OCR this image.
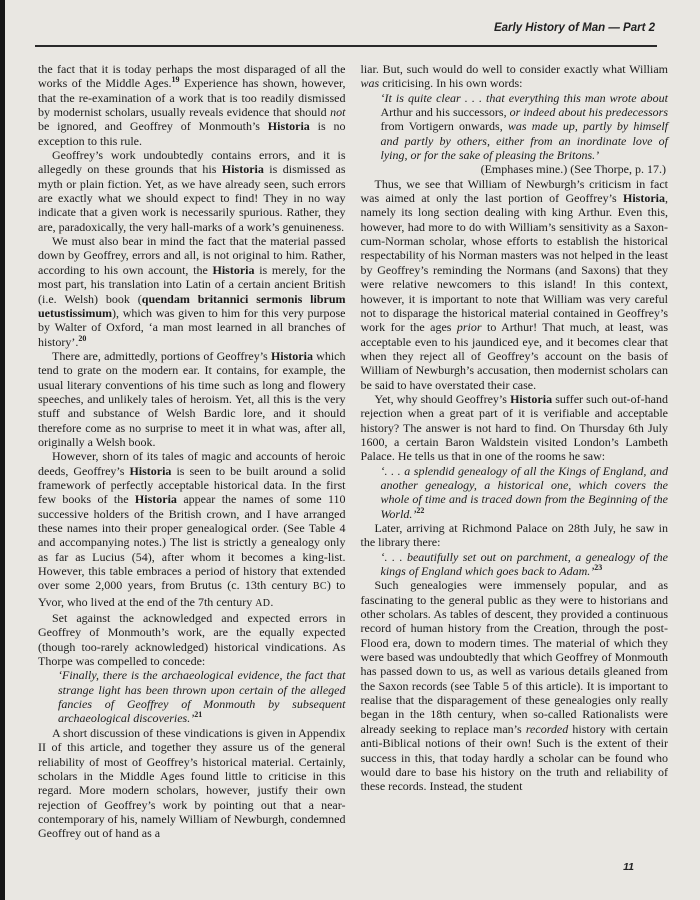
Early History of Man — Part 2

the fact that it is today perhaps the most disparaged of all the works of the Middle Ages.$^{19}$ Experience has shown, however, that the re-examination of a work that is too readily dismissed by modernist scholars, usually reveals evidence that should not be ignored, and Geoffrey of Monmouth’s Historia is no exception to this rule.

Geoffrey’s work undoubtedly contains errors, and it is allegedly on these grounds that his Historia is dismissed as myth or plain fiction. Yet, as we have already seen, such errors are exactly what we should expect to find! They in no way indicate that a given work is necessarily spurious. Rather, they are, paradoxically, the very hall-marks of a work’s genuineness.

We must also bear in mind the fact that the material passed down by Geoffrey, errors and all, is not original to him. Rather, according to his own account, the Historia is merely, for the most part, his translation into Latin of a certain ancient British (i.e. Welsh) book (quendam britannici sermonis librum uetustissimum), which was given to him for this very purpose by Walter of Oxford, ‘a man most learned in all branches of history’.$^{20}$

There are, admittedly, portions of Geoffrey’s Historia which tend to grate on the modern ear. It contains, for example, the usual literary conventions of his time such as long and flowery speeches, and unlikely tales of heroism. Yet, all this is the very stuff and substance of Welsh Bardic lore, and it should therefore come as no surprise to meet it in what was, after all, originally a Welsh book.

However, shorn of its tales of magic and accounts of heroic deeds, Geoffrey’s Historia is seen to be built around a solid framework of perfectly acceptable historical data. In the first few books of the Historia appear the names of some 110 successive holders of the British crown, and I have arranged these names into their proper genealogical order. (See Table 4 and accompanying notes.) The list is strictly a genealogy only as far as Lucius (54), after whom it becomes a king-list. However, this table embraces a period of history that extended over some 2,000 years, from Brutus (c. 13th century BC) to Yvor, who lived at the end of the 7th century AD.

Set against the acknowledged and expected errors in Geoffrey of Monmouth’s work, are the equally expected (though too-rarely acknowledged) historical vindications. As Thorpe was compelled to concede:

‘Finally, there is the archaeological evidence, the fact that strange light has been thrown upon certain of the alleged fancies of Geoffrey of Monmouth by subsequent archaeological discoveries.’$^{21}$

A short discussion of these vindications is given in Appendix II of this article, and together they assure us of the general reliability of most of Geoffrey’s historical material. Certainly, scholars in the Middle Ages found little to criticise in this regard. More modern scholars, however, justify their own rejection of Geoffrey’s work by pointing out that a near-contemporary of his, namely William of Newburgh, condemned Geoffrey out of hand as a

liar. But, such would do well to consider exactly what William was criticising. In his own words:

‘It is quite clear . . . that everything this man wrote about Arthur and his successors, or indeed about his predecessors from Vortigern onwards, was made up, partly by himself and partly by others, either from an inordinate love of lying, or for the sake of pleasing the Britons.’

(Emphases mine.) (See Thorpe, p. 17.)

Thus, we see that William of Newburgh’s criticism in fact was aimed at only the last portion of Geoffrey’s Historia, namely its long section dealing with king Arthur. Even this, however, had more to do with William’s sensitivity as a Saxon-cum-Norman scholar, whose efforts to establish the historical respectability of his Norman masters was not helped in the least by Geoffrey’s reminding the Normans (and Saxons) that they were relative newcomers to this island! In this context, however, it is important to note that William was very careful not to disparage the historical material contained in Geoffrey’s work for the ages prior to Arthur! That much, at least, was acceptable even to his jaundiced eye, and it becomes clear that when they reject all of Geoffrey’s account on the basis of William of Newburgh’s accusation, then modernist scholars can be said to have overstated their case.

Yet, why should Geoffrey’s Historia suffer such out-of-hand rejection when a great part of it is verifiable and acceptable history? The answer is not hard to find. On Thursday 6th July 1600, a certain Baron Waldstein visited London’s Lambeth Palace. He tells us that in one of the rooms he saw:

‘. . . a splendid genealogy of all the Kings of England, and another genealogy, a historical one, which covers the whole of time and is traced down from the Beginning of the World.’$^{22}$

Later, arriving at Richmond Palace on 28th July, he saw in the library there:

‘. . . beautifully set out on parchment, a genealogy of the kings of England which goes back to Adam.’$^{23}$

Such genealogies were immensely popular, and as fascinating to the general public as they were to historians and other scholars. As tables of descent, they provided a continuous record of human history from the Creation, through the post-Flood era, down to modern times. The material of which they were based was undoubtedly that which Geoffrey of Monmouth has passed down to us, as well as various details gleaned from the Saxon records (see Table 5 of this article). It is important to realise that the disparagement of these genealogies only really began in the 18th century, when so-called Rationalists were already seeking to replace man’s recorded history with certain anti-Biblical notions of their own! Such is the extent of their success in this, that today hardly a scholar can be found who would dare to base his history on the truth and reliability of these records. Instead, the student

11
